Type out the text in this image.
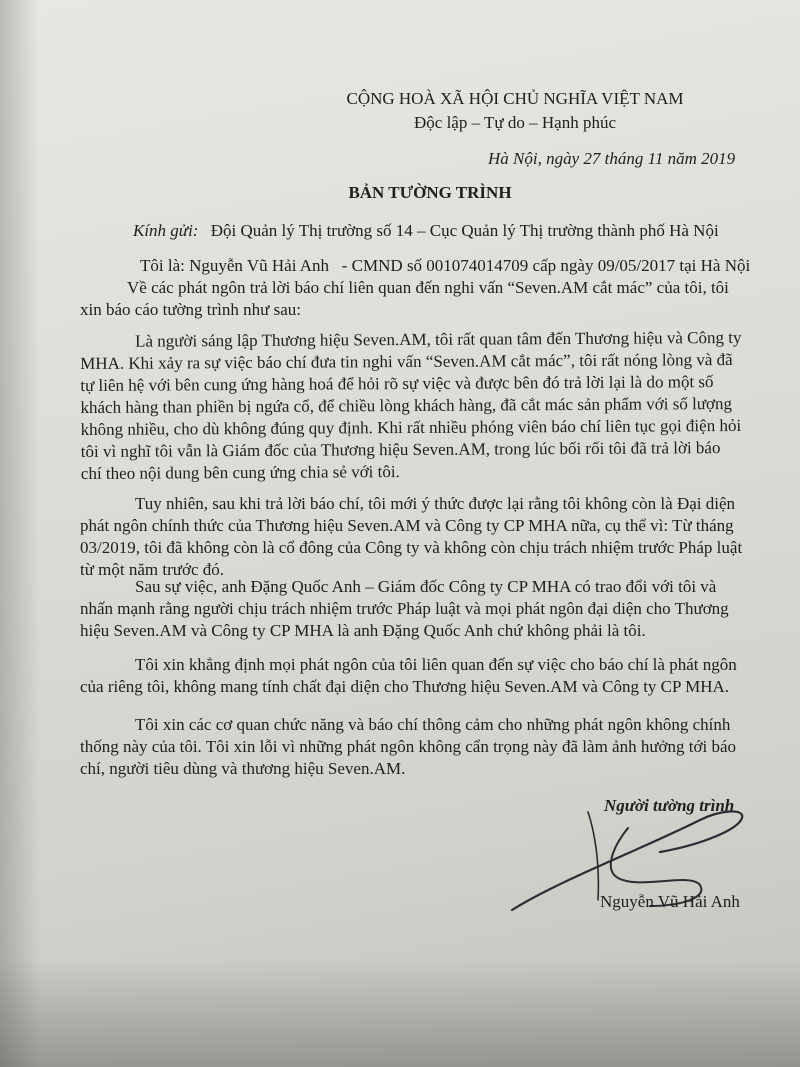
CỘNG HOÀ XÃ HỘI CHỦ NGHĨA VIỆT NAM

Độc lập – Tự do – Hạnh phúc

Hà Nội, ngày 27 tháng 11 năm 2019

BẢN TƯỜNG TRÌNH

Kính gửi: Đội Quản lý Thị trường số 14 – Cục Quản lý Thị trường thành phố Hà Nội

Tôi là: Nguyễn Vũ Hải Anh   - CMND số 001074014709 cấp ngày 09/05/2017 tại Hà Nội

Về các phát ngôn trả lời báo chí liên quan đến nghi vấn “Seven.AM cắt mác” của tôi, tôi

xin báo cáo tường trình như sau:

Là người sáng lập Thương hiệu Seven.AM, tôi rất quan tâm đến Thương hiệu và Công ty

MHA. Khi xảy ra sự việc báo chí đưa tin nghi vấn “Seven.AM cắt mác”, tôi rất nóng lòng và đã

tự liên hệ với bên cung ứng hàng hoá để hỏi rõ sự việc và được bên đó trả lời lại là do một số

khách hàng than phiền bị ngứa cổ, để chiều lòng khách hàng, đã cắt mác sản phẩm với số lượng

không nhiều, cho dù không đúng quy định. Khi rất nhiều phóng viên báo chí liên tục gọi điện hỏi

tôi vì nghĩ tôi vẫn là Giám đốc của Thương hiệu Seven.AM, trong lúc bối rối tôi đã trả lời báo

chí theo nội dung bên cung ứng chia sẻ với tôi.

Tuy nhiên, sau khi trả lời báo chí, tôi mới ý thức được lại rằng tôi không còn là Đại diện

phát ngôn chính thức của Thương hiệu Seven.AM và Công ty CP MHA nữa, cụ thể vì: Từ tháng

03/2019, tôi đã không còn là cổ đông của Công ty và không còn chịu trách nhiệm trước Pháp luật

từ một năm trước đó.

Sau sự việc, anh Đặng Quốc Anh – Giám đốc Công ty CP MHA có trao đổi với tôi và

nhấn mạnh rằng người chịu trách nhiệm trước Pháp luật và mọi phát ngôn đại diện cho Thương

hiệu Seven.AM và Công ty CP MHA là anh Đặng Quốc Anh chứ không phải là tôi.

Tôi xin khẳng định mọi phát ngôn của tôi liên quan đến sự việc cho báo chí là phát ngôn

của riêng tôi, không mang tính chất đại diện cho Thương hiệu Seven.AM và Công ty CP MHA.

Tôi xin các cơ quan chức năng và báo chí thông cảm cho những phát ngôn không chính

thống này của tôi. Tôi xin lỗi vì những phát ngôn không cẩn trọng này đã làm ảnh hưởng tới báo

chí, người tiêu dùng và thương hiệu Seven.AM.

Người tường trình

Nguyễn Vũ Hải Anh
